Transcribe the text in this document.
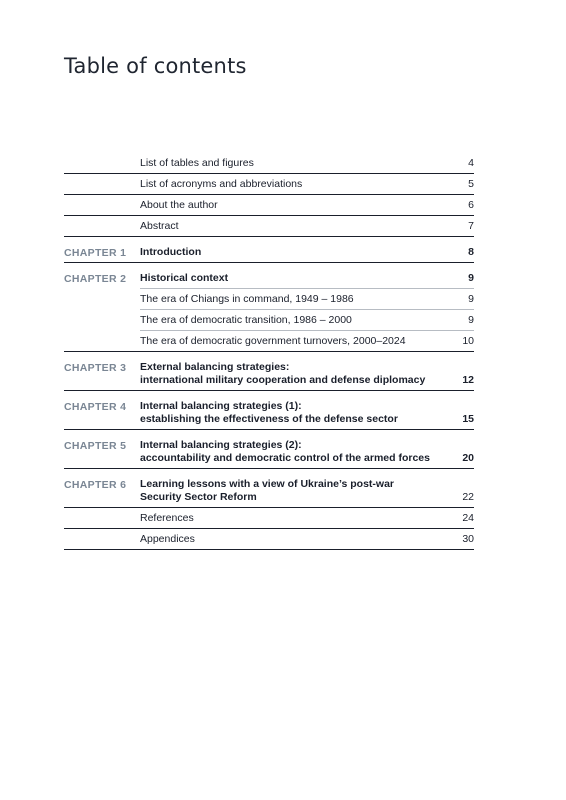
Table of contents
List of tables and figures	4
List of acronyms and abbreviations	5
About the author	6
Abstract	7
CHAPTER 1	Introduction	8
CHAPTER 2	Historical context	9
The era of Chiangs in command, 1949 – 1986	9
The era of democratic transition, 1986 – 2000	9
The era of democratic government turnovers, 2000–2024	10
CHAPTER 3	External balancing strategies:
international military cooperation and defense diplomacy	12
CHAPTER 4	Internal balancing strategies (1):
establishing the effectiveness of the defense sector	15
CHAPTER 5	Internal balancing strategies (2):
accountability and democratic control of the armed forces	20
CHAPTER 6	Learning lessons with a view of Ukraine’s post-war
Security Sector Reform	22
References	24
Appendices	30
